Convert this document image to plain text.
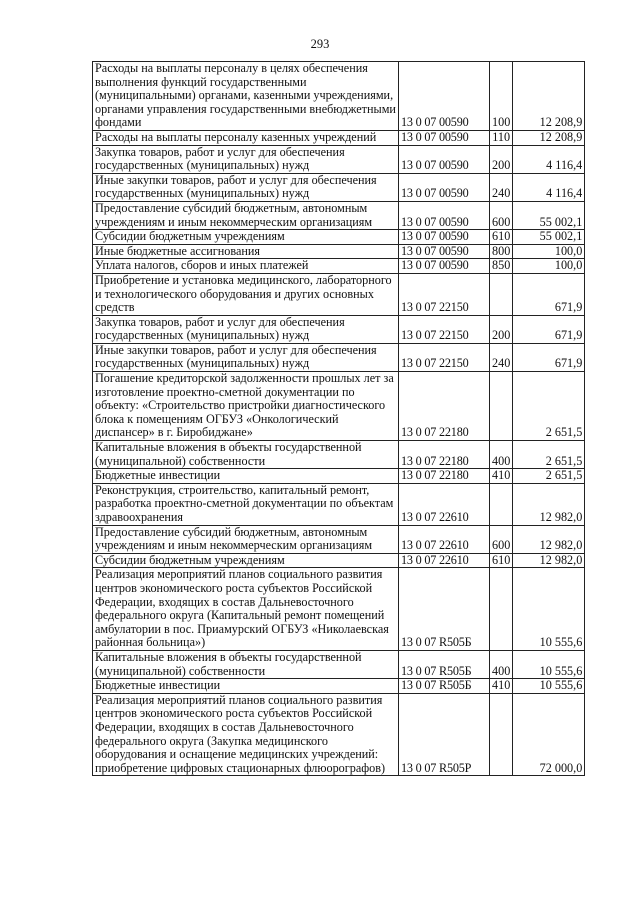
293
Расходы на выплаты персоналу в целях обеспечения выполнения функций государственными (муниципальными) органами, казенными учреждениями, органами управления государственными внебюджетными фондами	13 0 07 00590	100	12 208,9
Расходы на выплаты персоналу казенных учреждений	13 0 07 00590	110	12 208,9
Закупка товаров, работ и услуг для обеспечения государственных (муниципальных) нужд	13 0 07 00590	200	4 116,4
Иные закупки товаров, работ и услуг для обеспечения государственных (муниципальных) нужд	13 0 07 00590	240	4 116,4
Предоставление субсидий бюджетным, автономным учреждениям и иным некоммерческим организациям	13 0 07 00590	600	55 002,1
Субсидии бюджетным учреждениям	13 0 07 00590	610	55 002,1
Иные бюджетные ассигнования	13 0 07 00590	800	100,0
Уплата налогов, сборов и иных платежей	13 0 07 00590	850	100,0
Приобретение и установка медицинского, лабораторного и технологического оборудования и других основных средств	13 0 07 22150		671,9
Закупка товаров, работ и услуг для обеспечения государственных (муниципальных) нужд	13 0 07 22150	200	671,9
Иные закупки товаров, работ и услуг для обеспечения государственных (муниципальных) нужд	13 0 07 22150	240	671,9
Погашение кредиторской задолженности прошлых лет за изготовление проектно-сметной документации по объекту: «Строительство пристройки диагностического блока к помещениям ОГБУЗ «Онкологический диспансер» в г. Биробиджане»	13 0 07 22180		2 651,5
Капитальные вложения в объекты государственной (муниципальной) собственности	13 0 07 22180	400	2 651,5
Бюджетные инвестиции	13 0 07 22180	410	2 651,5
Реконструкция, строительство, капитальный ремонт, разработка проектно-сметной документации по объектам здравоохранения	13 0 07 22610		12 982,0
Предоставление субсидий бюджетным, автономным учреждениям и иным некоммерческим организациям	13 0 07 22610	600	12 982,0
Субсидии бюджетным учреждениям	13 0 07 22610	610	12 982,0
Реализация мероприятий планов социального развития центров экономического роста субъектов Российской Федерации, входящих в состав Дальневосточного федерального округа (Капитальный ремонт помещений амбулатории в пос. Приамурский ОГБУЗ «Николаевская районная больница»)	13 0 07 R505Б		10 555,6
Капитальные вложения в объекты государственной (муниципальной) собственности	13 0 07 R505Б	400	10 555,6
Бюджетные инвестиции	13 0 07 R505Б	410	10 555,6
Реализация мероприятий планов социального развития центров экономического роста субъектов Российской Федерации, входящих в состав Дальневосточного федерального округа (Закупка медицинского оборудования и оснащение медицинских учреждений: приобретение цифровых стационарных флюорографов)	13 0 07 R505Р		72 000,0
